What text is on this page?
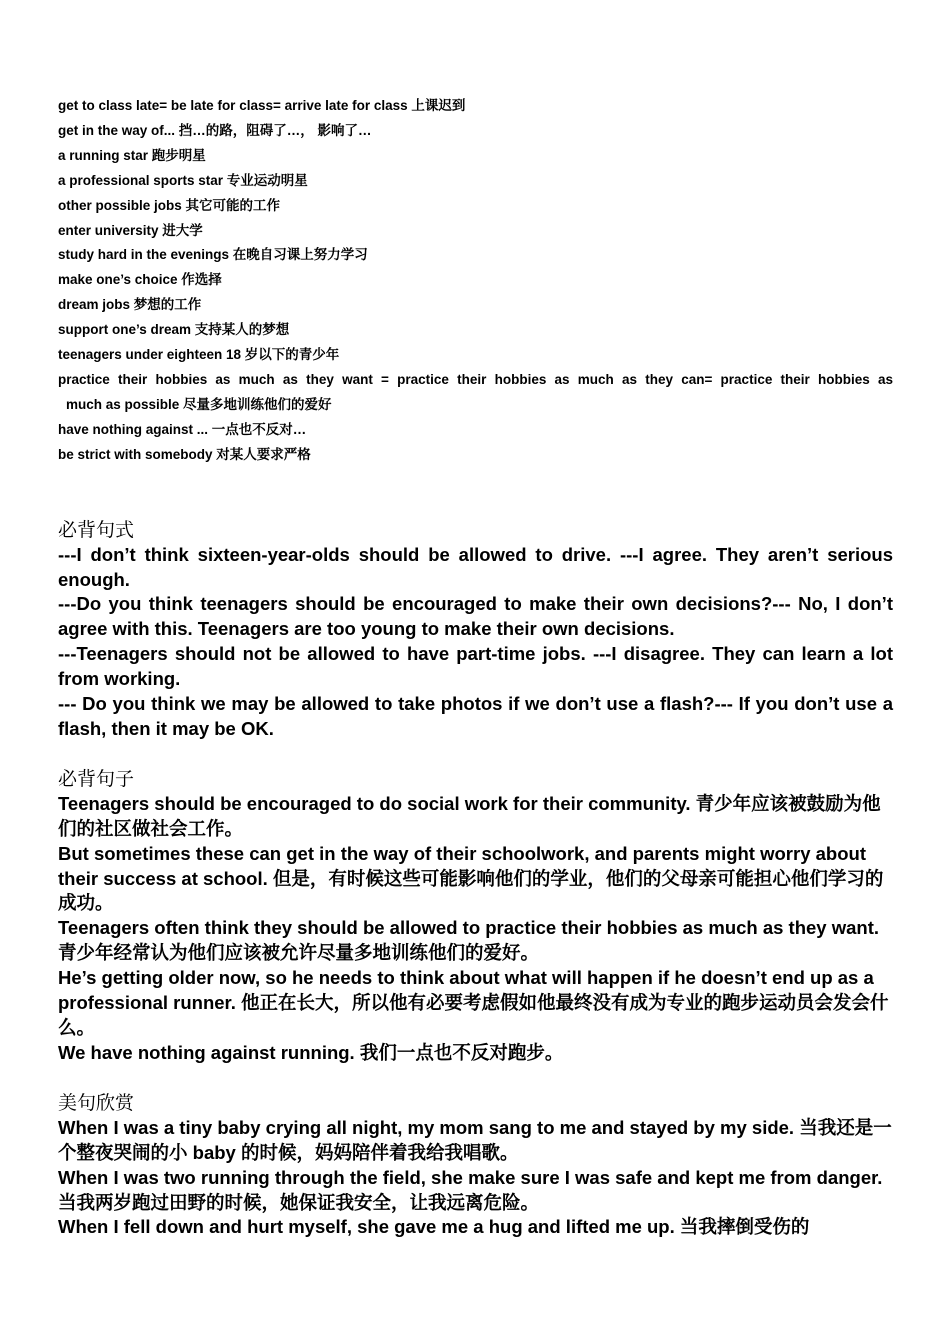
get to class late= be late for class= arrive late for class 上课迟到
get in the way of... 挡…的路，阻碍了…， 影响了…
a running star 跑步明星
a professional sports star 专业运动明星
other possible jobs 其它可能的工作
enter university 进大学
study hard in the evenings 在晚自习课上努力学习
make one’s choice 作选择
dream jobs 梦想的工作
support one’s dream 支持某人的梦想
teenagers under eighteen 18 岁以下的青少年
practice their hobbies as much as they want = practice their hobbies as much as they can= practice their hobbies as
much as possible 尽量多地训练他们的爱好
have nothing against ... 一点也不反对…
be strict with somebody 对某人要求严格
必背句式
---I don’t think sixteen-year-olds should be allowed to drive. ---I agree. They aren’t serious enough.
---Do you think teenagers should be encouraged to make their own decisions?--- No, I don’t agree with this. Teenagers are too young to make their own decisions.
---Teenagers should not be allowed to have part-time jobs. ---I disagree. They can learn a lot from working.
--- Do you think we may be allowed to take photos if we don’t use a flash?--- If you don’t use a flash, then it may be OK.
必背句子
Teenagers should be encouraged to do social work for their community. 青少年应该被鼓励为他们的社区做社会工作。
But sometimes these can get in the way of their schoolwork, and parents might worry about their success at school. 但是，有时候这些可能影响他们的学业，他们的父母亲可能担心他们学习的成功。
Teenagers often think they should be allowed to practice their hobbies as much as they want. 青少年经常认为他们应该被允许尽量多地训练他们的爱好。
He’s getting older now, so he needs to think about what will happen if he doesn’t end up as a professional runner. 他正在长大，所以他有必要考虑假如他最终没有成为专业的跑步运动员会发会什么。
We have nothing against running. 我们一点也不反对跑步。
美句欣赏
When I was a tiny baby crying all night, my mom sang to me and stayed by my side. 当我还是一个整夜哭闹的小 baby 的时候，妈妈陪伴着我给我唱歌。
When I was two running through the field, she make sure I was safe and kept me from danger.当我两岁跑过田野的时候，她保证我安全，让我远离危险。
When I fell down and hurt myself, she gave me a hug and lifted me up. 当我摔倒受伤的
